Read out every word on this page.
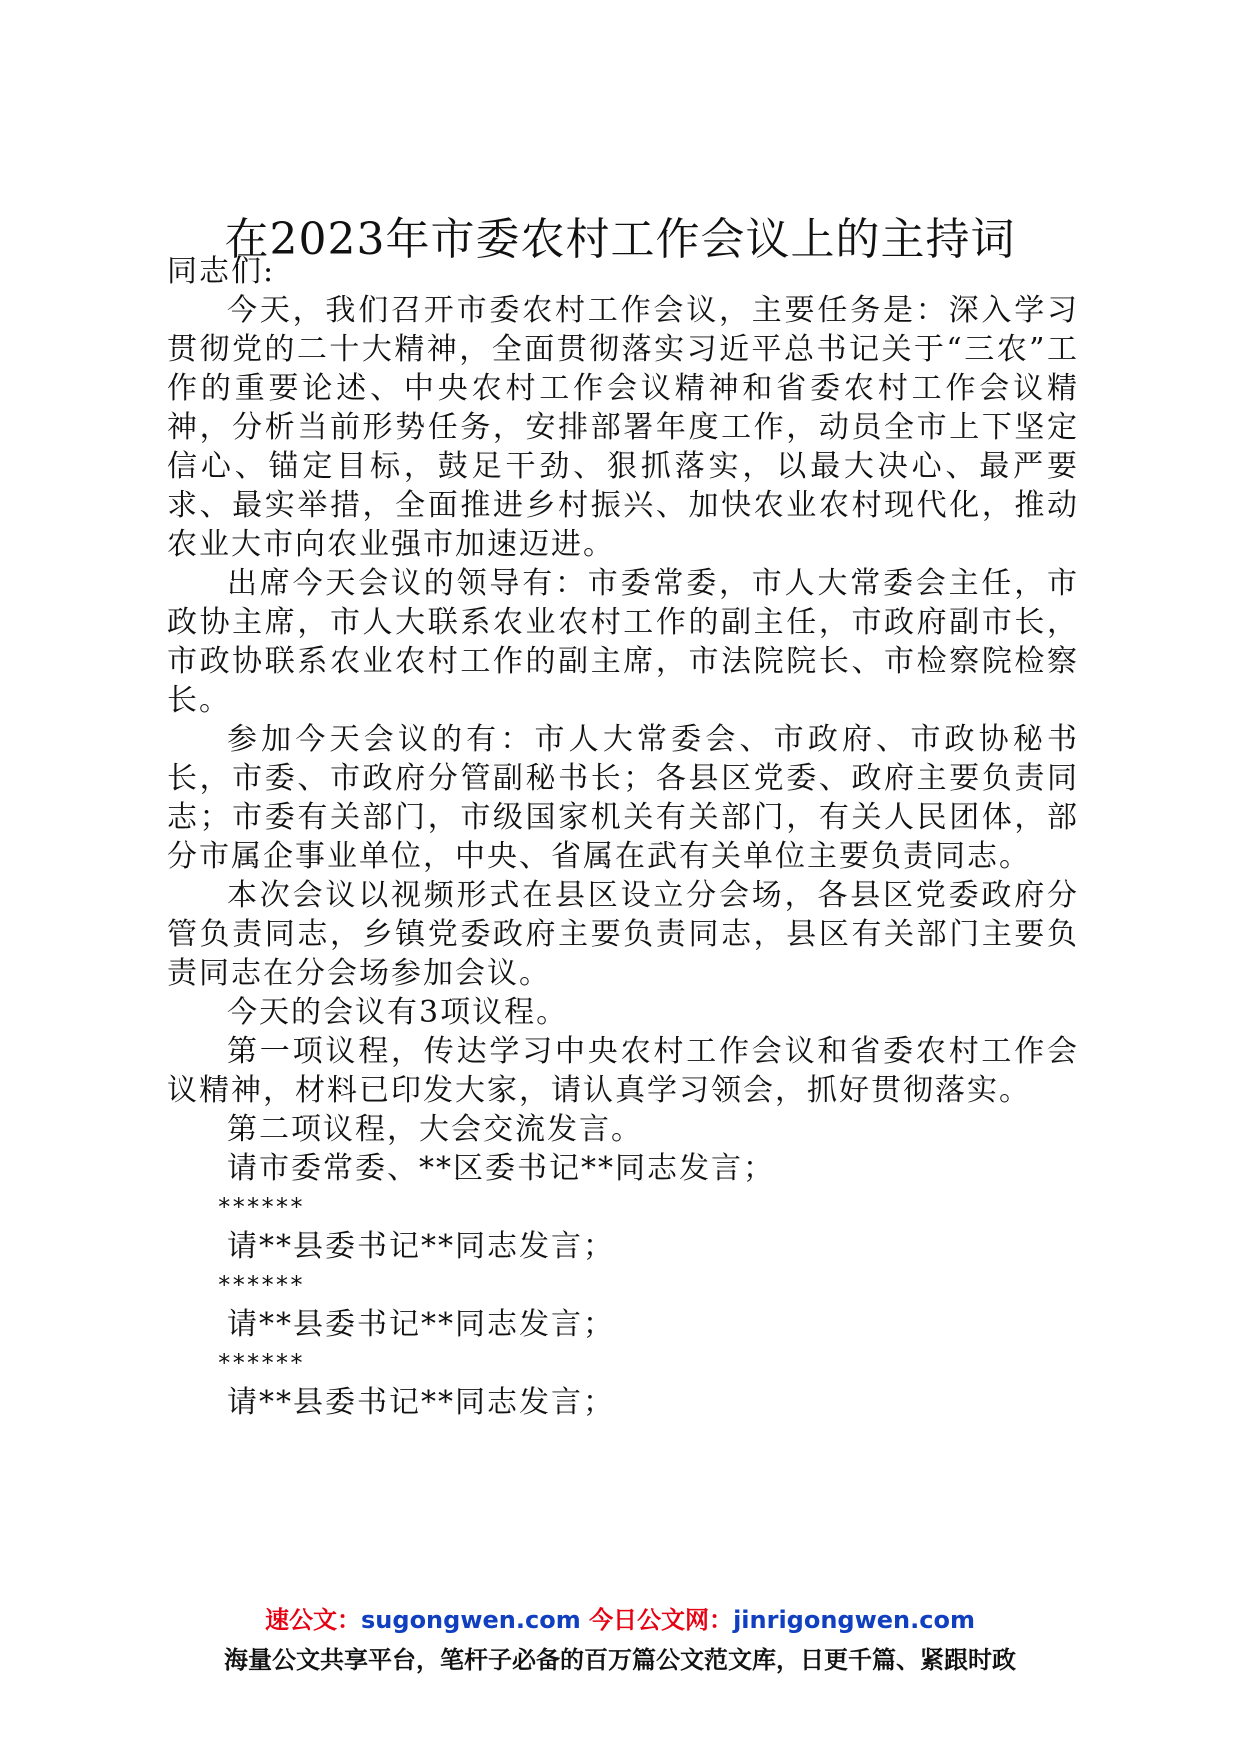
在2023年市委农村工作会议上的主持词

同志们:

今天，我们召开市委农村工作会议，主要任务是：深入学习贯彻党的二十大精神，全面贯彻落实习近平总书记关于“三农”工作的重要论述、中央农村工作会议精神和省委农村工作会议精神，分析当前形势任务，安排部署年度工作，动员全市上下坚定信心、锚定目标，鼓足干劲、狠抓落实，以最大决心、最严要求、最实举措，全面推进乡村振兴、加快农业农村现代化，推动农业大市向农业强市加速迈进。

出席今天会议的领导有：市委常委，市人大常委会主任，市政协主席，市人大联系农业农村工作的副主任，市政府副市长，市政协联系农业农村工作的副主席，市法院院长、市检察院检察长。

参加今天会议的有：市人大常委会、市政府、市政协秘书长，市委、市政府分管副秘书长；各县区党委、政府主要负责同志；市委有关部门，市级国家机关有关部门，有关人民团体，部分市属企事业单位，中央、省属在武有关单位主要负责同志。

本次会议以视频形式在县区设立分会场，各县区党委政府分管负责同志，乡镇党委政府主要负责同志，县区有关部门主要负责同志在分会场参加会议。

今天的会议有3项议程。

第一项议程，传达学习中央农村工作会议和省委农村工作会议精神，材料已印发大家，请认真学习领会，抓好贯彻落实。

第二项议程，大会交流发言。

请市委常委、**区委书记**同志发言；

******

请**县委书记**同志发言；

******

请**县委书记**同志发言；

******

请**县委书记**同志发言；

速公文：sugongwen.com 今日公文网：jinrigongwen.com
海量公文共享平台，笔杆子必备的百万篇公文范文库，日更千篇、紧跟时政
